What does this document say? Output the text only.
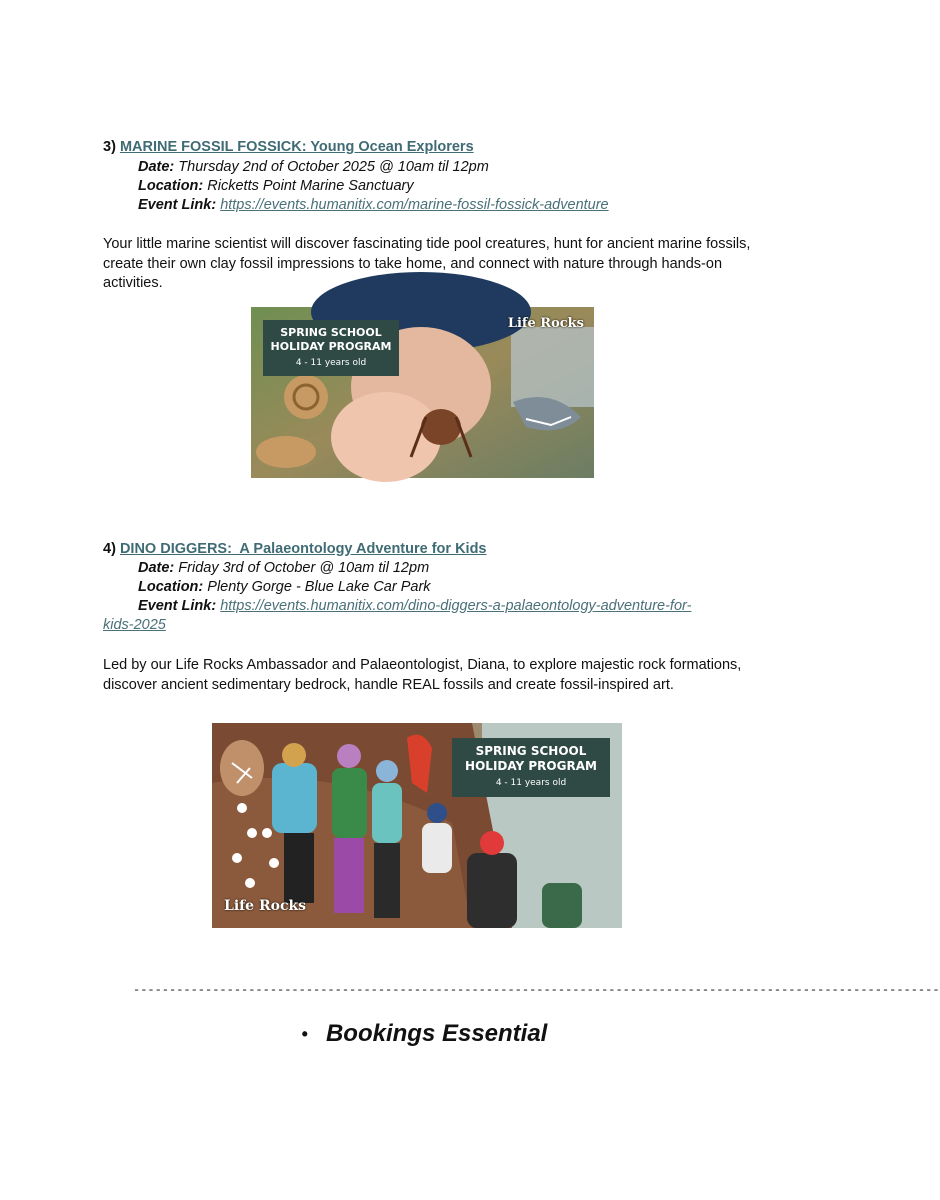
3) MARINE FOSSIL FOSSICK: Young Ocean Explorers
Date: Thursday 2nd of October 2025 @ 10am til 12pm
Location: Ricketts Point Marine Sanctuary
Event Link: https://events.humanitix.com/marine-fossil-fossick-adventure
Your little marine scientist will discover fascinating tide pool creatures, hunt for ancient marine fossils, create their own clay fossil impressions to take home, and connect with nature through hands-on activities.
SPRING SCHOOL
HOLIDAY PROGRAM
4 - 11 years old
Life Rocks
4) DINO DIGGERS:  A Palaeontology Adventure for Kids
Date: Friday 3rd of October @ 10am til 12pm
Location: Plenty Gorge - Blue Lake Car Park
Event Link: https://events.humanitix.com/dino-diggers-a-palaeontology-adventure-for-
kids-2025
Led by our Life Rocks Ambassador and Palaeontologist, Diana, to explore majestic rock formations, discover ancient sedimentary bedrock, handle REAL fossils and create fossil-inspired art.
SPRING SCHOOL
HOLIDAY PROGRAM
4 - 11 years old
Life Rocks
----------------------------------------------------------------------------------------------------------------
• Bookings Essential
